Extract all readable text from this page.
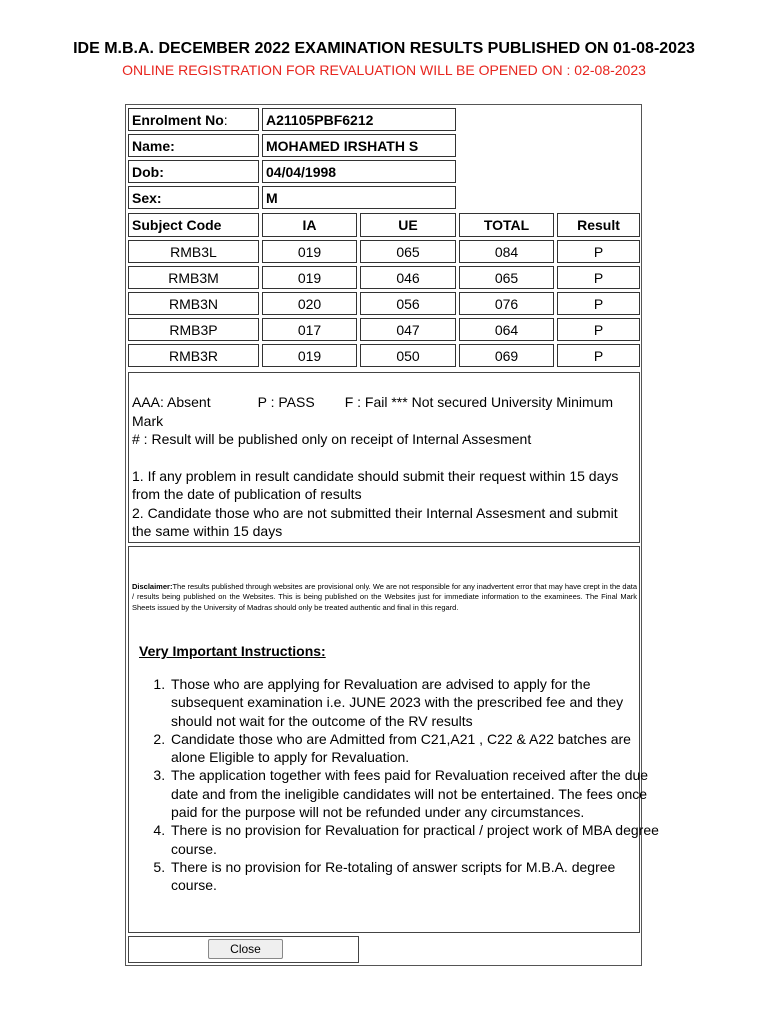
IDE M.B.A. DECEMBER 2022 EXAMINATION RESULTS PUBLISHED ON 01-08-2023
ONLINE REGISTRATION FOR REVALUATION WILL BE OPENED ON : 02-08-2023
Enrolment No:	A21105PBF6212
Name:	MOHAMED IRSHATH S
Dob:	04/04/1998
Sex:	M
Subject Code	IA	UE	TOTAL	Result
RMB3L	019	065	084	P
RMB3M	019	046	065	P
RMB3N	020	056	076	P
RMB3P	017	047	064	P
RMB3R	019	050	069	P

AAA: Absent	P : PASS F : Fail *** Not secured University Minimum Mark

# : Result will be published only on receipt of Internal Assesment

1. If any problem in result candidate should submit their request within 15 days from the date of publication of results

2. Candidate those who are not submitted their Internal Assesment and submit the same within 15 days

Disclaimer:The results published through websites are provisional only. We are not responsible for any inadvertent error that may have crept in the data / results being published on the Websites. This is being published on the Websites just for immediate information to the examinees. The Final Mark Sheets issued by the University of Madras should only be treated authentic and final in this regard.
Very Important Instructions:
1. Those who are applying for Revaluation are advised to apply for the subsequent examination i.e. JUNE 2023 with the prescribed fee and they should not wait for the outcome of the RV results
2. Candidate those who are Admitted from C21,A21 , C22 & A22 batches are alone Eligible to apply for Revaluation.
3. The application together with fees paid for Revaluation received after the due date and from the ineligible candidates will not be entertained. The fees once paid for the purpose will not be refunded under any circumstances.
4. There is no provision for Revaluation for practical / project work of MBA degree course.
5. There is no provision for Re-totaling of answer scripts for M.B.A. degree course.
Close
